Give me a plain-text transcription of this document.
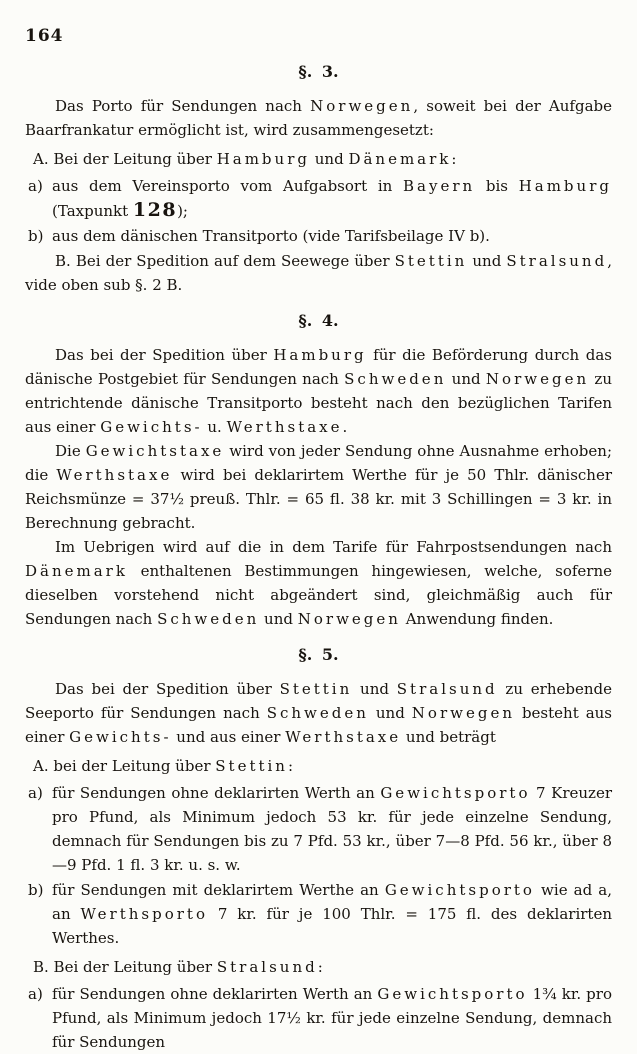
164
§. 3.
Das Porto für Sendungen nach Norwegen, soweit bei der Aufgabe Baarfrankatur ermöglicht ist, wird zusammengesetzt:
A. Bei der Leitung über Hamburg und Dänemark:
a) aus dem Vereinsporto vom Aufgabsort in Bayern bis Hamburg (Taxpunkt 128);
b) aus dem dänischen Transitporto (vide Tarifsbeilage IV b).
B. Bei der Spedition auf dem Seewege über Stettin und Stralsund, vide oben sub §. 2 B.
§. 4.
Das bei der Spedition über Hamburg für die Beförderung durch das dänische Postgebiet für Sendungen nach Schweden und Norwegen zu entrichtende dänische Transitporto besteht nach den bezüglichen Tarifen aus einer Gewichts- u. Werthstaxe.
Die Gewichtstaxe wird von jeder Sendung ohne Ausnahme erhoben; die Werthstaxe wird bei deklarirtem Werthe für je 50 Thlr. dänischer Reichsmünze = 37½ preuß. Thlr. = 65 fl. 38 kr. mit 3 Schillingen = 3 kr. in Berechnung gebracht.
Im Uebrigen wird auf die in dem Tarife für Fahrpostsendungen nach Dänemark enthaltenen Bestimmungen hingewiesen, welche, soferne dieselben vorstehend nicht abgeändert sind, gleichmäßig auch für Sendungen nach Schweden und Norwegen Anwendung finden.
§. 5.
Das bei der Spedition über Stettin und Stralsund zu erhebende Seeporto für Sendungen nach Schweden und Norwegen besteht aus einer Gewichts- und aus einer Werthstaxe und beträgt
A. bei der Leitung über Stettin:
a) für Sendungen ohne deklarirten Werth an Gewichtsporto 7 Kreuzer pro Pfund, als Minimum jedoch 53 kr. für jede einzelne Sendung, demnach für Sendungen bis zu 7 Pfd. 53 kr., über 7—8 Pfd. 56 kr., über 8—9 Pfd. 1 fl. 3 kr. u. s. w.
b) für Sendungen mit deklarirtem Werthe an Gewichtsporto wie ad a, an Werthsporto 7 kr. für je 100 Thlr. = 175 fl. des deklarirten Werthes.
B. Bei der Leitung über Stralsund:
a) für Sendungen ohne deklarirten Werth an Gewichtsporto 1¾ kr. pro Pfund, als Minimum jedoch 17½ kr. für jede einzelne Sendung, demnach für Sendungen
